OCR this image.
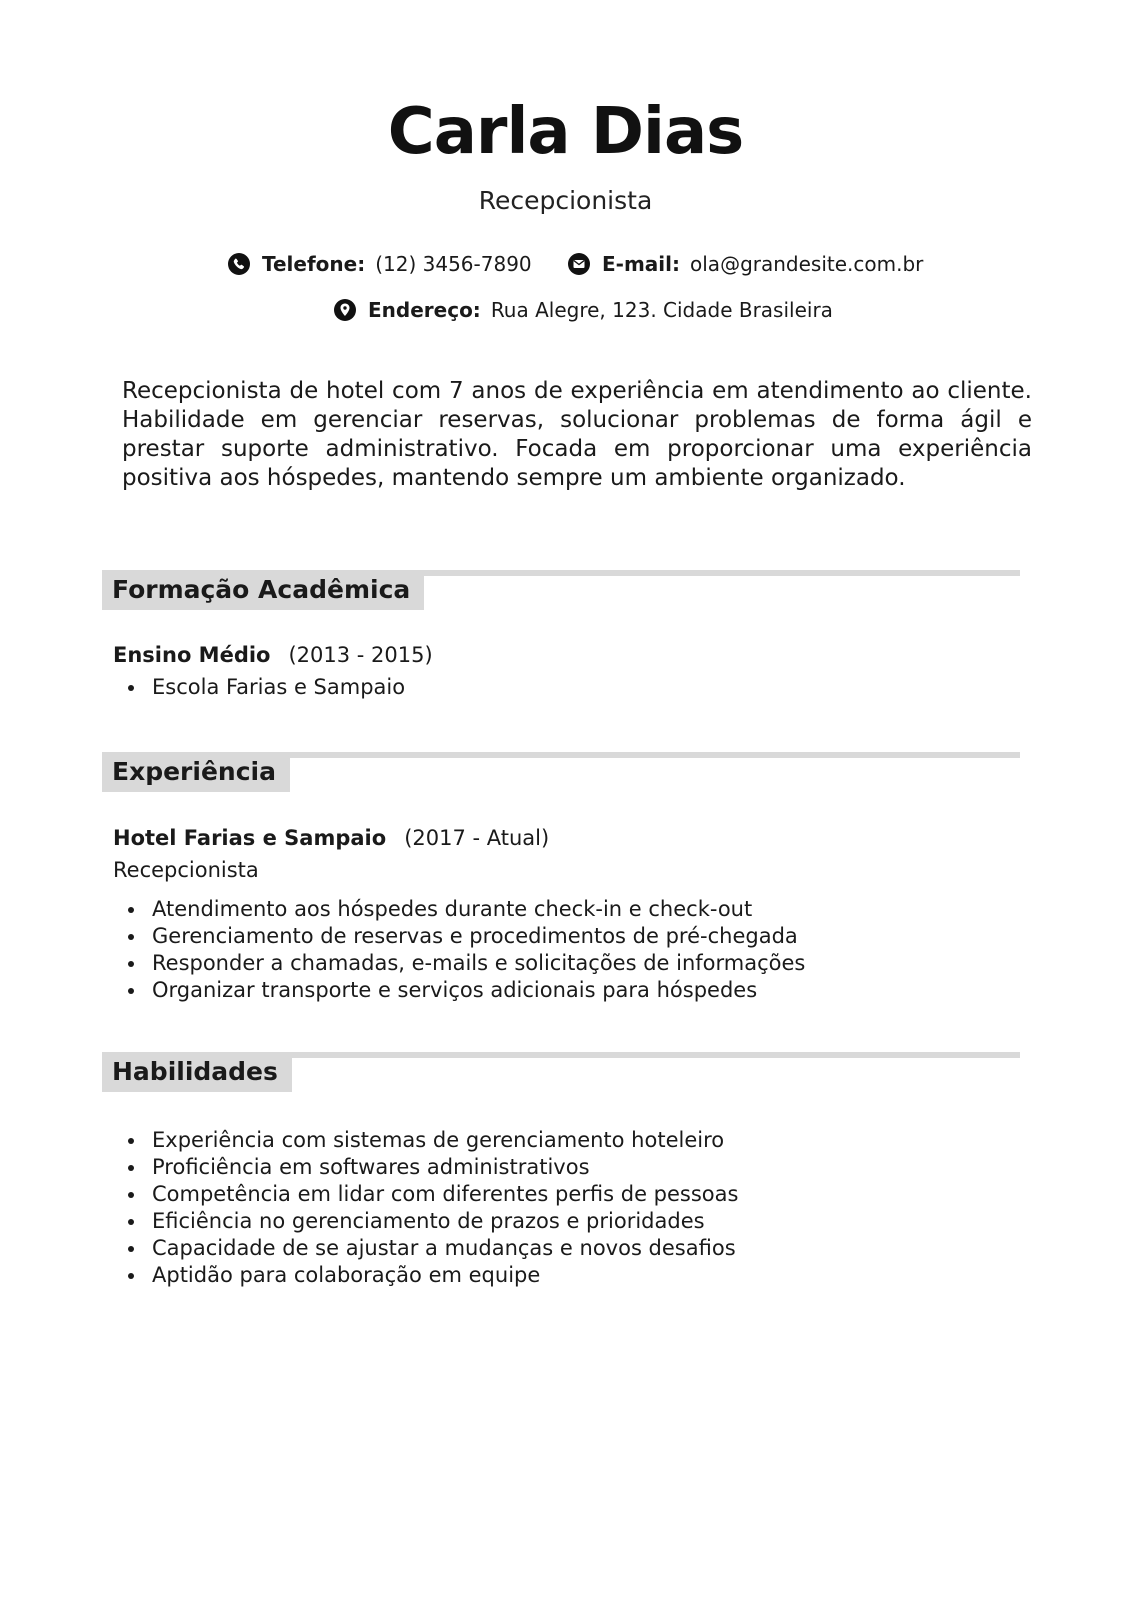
Carla Dias
Recepcionista
Telefone: (12) 3456-7890	E-mail: ola@grandesite.com.br
Endereço: Rua Alegre, 123. Cidade Brasileira
Recepcionista de hotel com 7 anos de experiência em atendimento ao cliente. Habilidade em gerenciar reservas, solucionar problemas de forma ágil e prestar suporte administrativo. Focada em proporcionar uma experiência positiva aos hóspedes, mantendo sempre um ambiente organizado.
Formação Acadêmica
Ensino Médio (2013 - 2015)
Escola Farias e Sampaio
Experiência
Hotel Farias e Sampaio (2017 - Atual)
Recepcionista
Atendimento aos hóspedes durante check-in e check-out
Gerenciamento de reservas e procedimentos de pré-chegada
Responder a chamadas, e-mails e solicitações de informações
Organizar transporte e serviços adicionais para hóspedes
Habilidades
Experiência com sistemas de gerenciamento hoteleiro
Proficiência em softwares administrativos
Competência em lidar com diferentes perfis de pessoas
Eficiência no gerenciamento de prazos e prioridades
Capacidade de se ajustar a mudanças e novos desafios
Aptidão para colaboração em equipe
